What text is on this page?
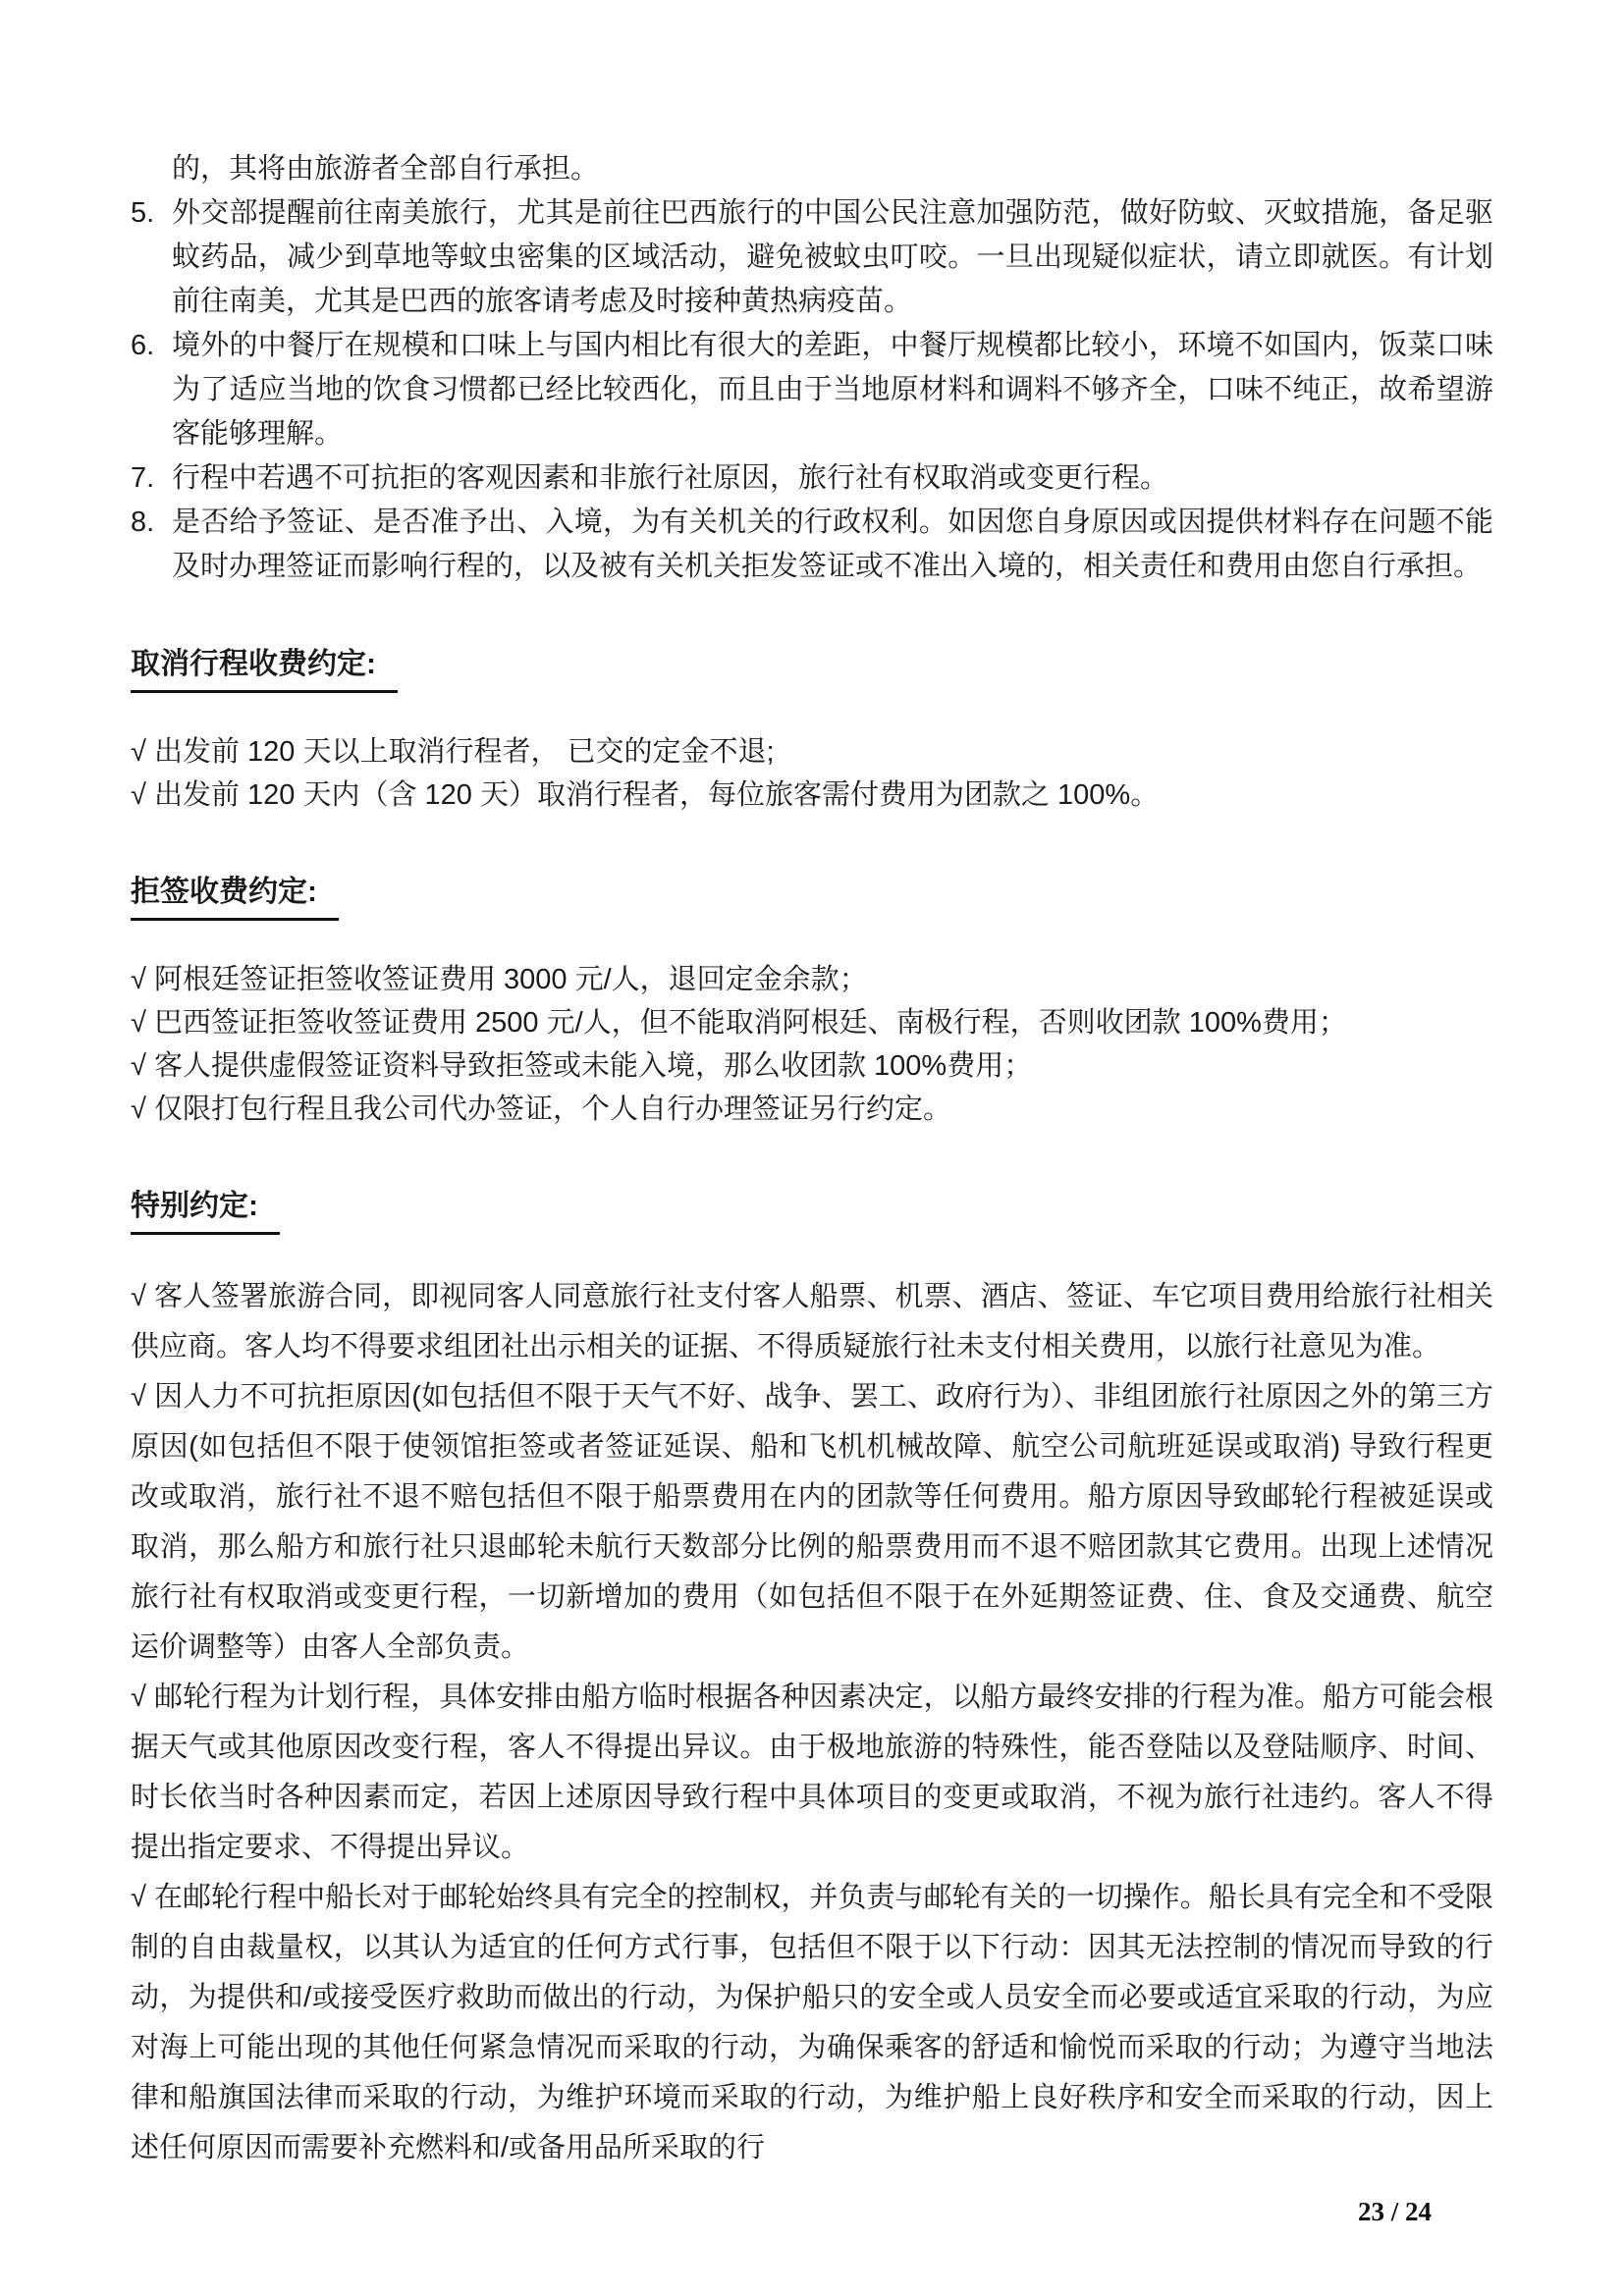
的，其将由旅游者全部自行承担。

5. 外交部提醒前往南美旅行，尤其是前往巴西旅行的中国公民注意加强防范，做好防蚊、灭蚊措施，备足驱蚊药品，减少到草地等蚊虫密集的区域活动，避免被蚊虫叮咬。一旦出现疑似症状，请立即就医。有计划前往南美，尤其是巴西的旅客请考虑及时接种黄热病疫苗。
6. 境外的中餐厅在规模和口味上与国内相比有很大的差距，中餐厅规模都比较小，环境不如国内，饭菜口味为了适应当地的饮食习惯都已经比较西化，而且由于当地原材料和调料不够齐全，口味不纯正，故希望游客能够理解。
7. 行程中若遇不可抗拒的客观因素和非旅行社原因，旅行社有权取消或变更行程。
8. 是否给予签证、是否准予出、入境，为有关机关的行政权利。如因您自身原因或因提供材料存在问题不能及时办理签证而影响行程的，以及被有关机关拒发签证或不准出入境的，相关责任和费用由您自行承担。
取消行程收费约定:

√ 出发前 120 天以上取消行程者， 已交的定金不退;

√ 出发前 120 天内（含 120 天）取消行程者，每位旅客需付费用为团款之 100%。

拒签收费约定:

√ 阿根廷签证拒签收签证费用 3000 元/人，退回定金余款；

√ 巴西签证拒签收签证费用 2500 元/人，但不能取消阿根廷、南极行程，否则收团款 100%费用；

√ 客人提供虚假签证资料导致拒签或未能入境，那么收团款 100%费用；

√ 仅限打包行程且我公司代办签证，个人自行办理签证另行约定。

特别约定:

√ 客人签署旅游合同，即视同客人同意旅行社支付客人船票、机票、酒店、签证、车它项目费用给旅行社相关供应商。客人均不得要求组团社出示相关的证据、不得质疑旅行社未支付相关费用，以旅行社意见为准。

√ 因人力不可抗拒原因(如包括但不限于天气不好、战争、罢工、政府行为）、非组团旅行社原因之外的第三方原因(如包括但不限于使领馆拒签或者签证延误、船和飞机机械故障、航空公司航班延误或取消) 导致行程更改或取消，旅行社不退不赔包括但不限于船票费用在内的团款等任何费用。船方原因导致邮轮行程被延误或取消，那么船方和旅行社只退邮轮未航行天数部分比例的船票费用而不退不赔团款其它费用。出现上述情况旅行社有权取消或变更行程，一切新增加的费用（如包括但不限于在外延期签证费、住、食及交通费、航空运价调整等）由客人全部负责。

√ 邮轮行程为计划行程，具体安排由船方临时根据各种因素决定，以船方最终安排的行程为准。船方可能会根据天气或其他原因改变行程，客人不得提出异议。由于极地旅游的特殊性，能否登陆以及登陆顺序、时间、时长依当时各种因素而定，若因上述原因导致行程中具体项目的变更或取消，不视为旅行社违约。客人不得提出指定要求、不得提出异议。

√ 在邮轮行程中船长对于邮轮始终具有完全的控制权，并负责与邮轮有关的一切操作。船长具有完全和不受限制的自由裁量权，以其认为适宜的任何方式行事，包括但不限于以下行动：因其无法控制的情况而导致的行动，为提供和/或接受医疗救助而做出的行动，为保护船只的安全或人员安全而必要或适宜采取的行动，为应对海上可能出现的其他任何紧急情况而采取的行动，为确保乘客的舒适和愉悦而采取的行动；为遵守当地法律和船旗国法律而采取的行动，为维护环境而采取的行动，为维护船上良好秩序和安全而采取的行动，因上述任何原因而需要补充燃料和/或备用品所采取的行

23 / 24
